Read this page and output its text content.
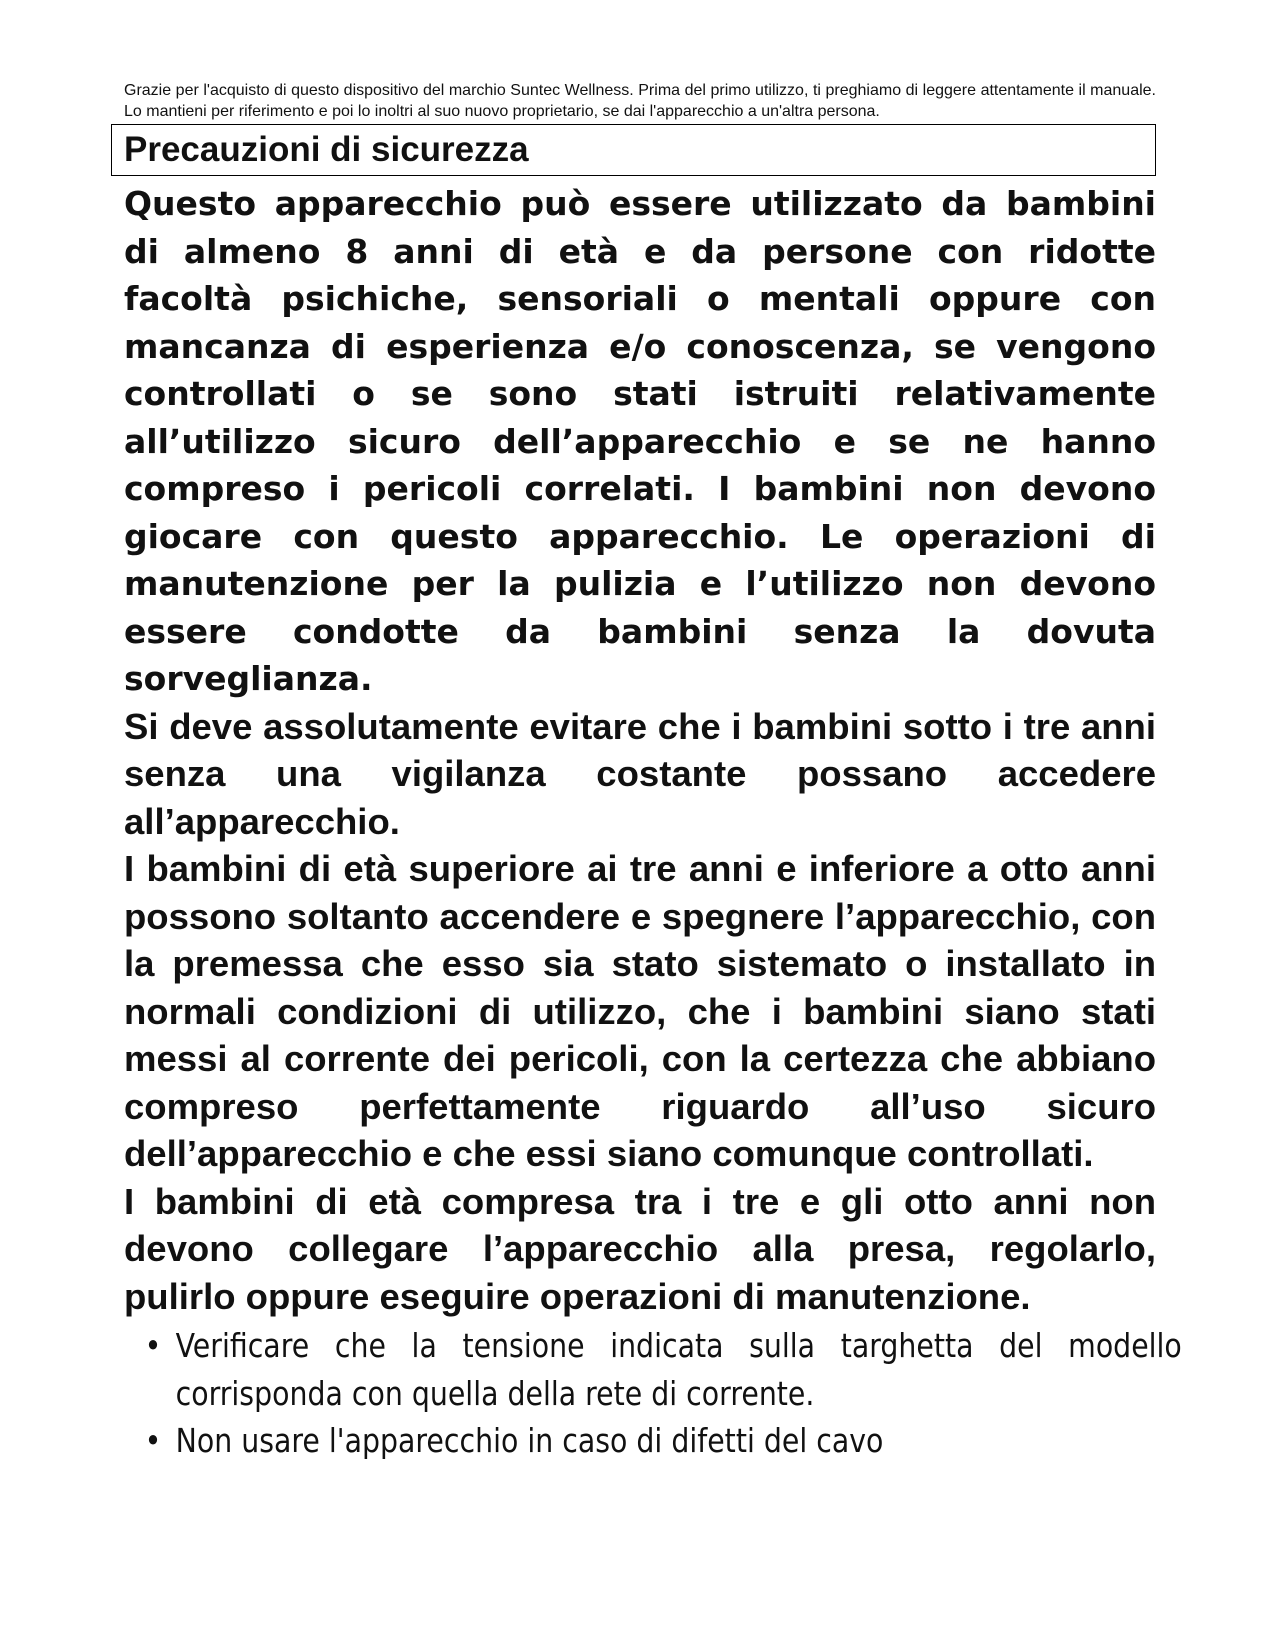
Grazie per l'acquisto di questo dispositivo del marchio Suntec Wellness. Prima del primo utilizzo, ti preghiamo di leggere attentamente il manuale. Lo mantieni per riferimento e poi lo inoltri al suo nuovo proprietario, se dai l'apparecchio a un'altra persona.

Precauzioni di sicurezza

Questo apparecchio può essere utilizzato da bambini di almeno 8 anni di età e da persone con ridotte facoltà psichiche, sensoriali o mentali oppure con mancanza di esperienza e/o conoscenza, se vengono controllati o se sono stati istruiti relativamente all’utilizzo sicuro dell’apparecchio e se ne hanno compreso i pericoli correlati. I bambini non devono giocare con questo apparecchio. Le operazioni di manutenzione per la pulizia e l’utilizzo non devono essere condotte da bambini senza la dovuta sorveglianza.

Si deve assolutamente evitare che i bambini sotto i tre anni senza una vigilanza costante possano accedere all’apparecchio.

I bambini di età superiore ai tre anni e inferiore a otto anni possono soltanto accendere e spegnere l’apparecchio, con la premessa che esso sia stato sistemato o installato in normali condizioni di utilizzo, che i bambini siano stati messi al corrente dei pericoli, con la certezza che abbiano compreso perfettamente riguardo all’uso sicuro dell’apparecchio e che essi siano comunque controllati.

I bambini di età compresa tra i tre e gli otto anni non devono collegare l’apparecchio alla presa, regolarlo, pulirlo oppure eseguire operazioni di manutenzione.

• Verificare che la tensione indicata sulla targhetta del modello corrisponda con quella della rete di corrente.
• Non usare l'apparecchio in caso di difetti del cavo
